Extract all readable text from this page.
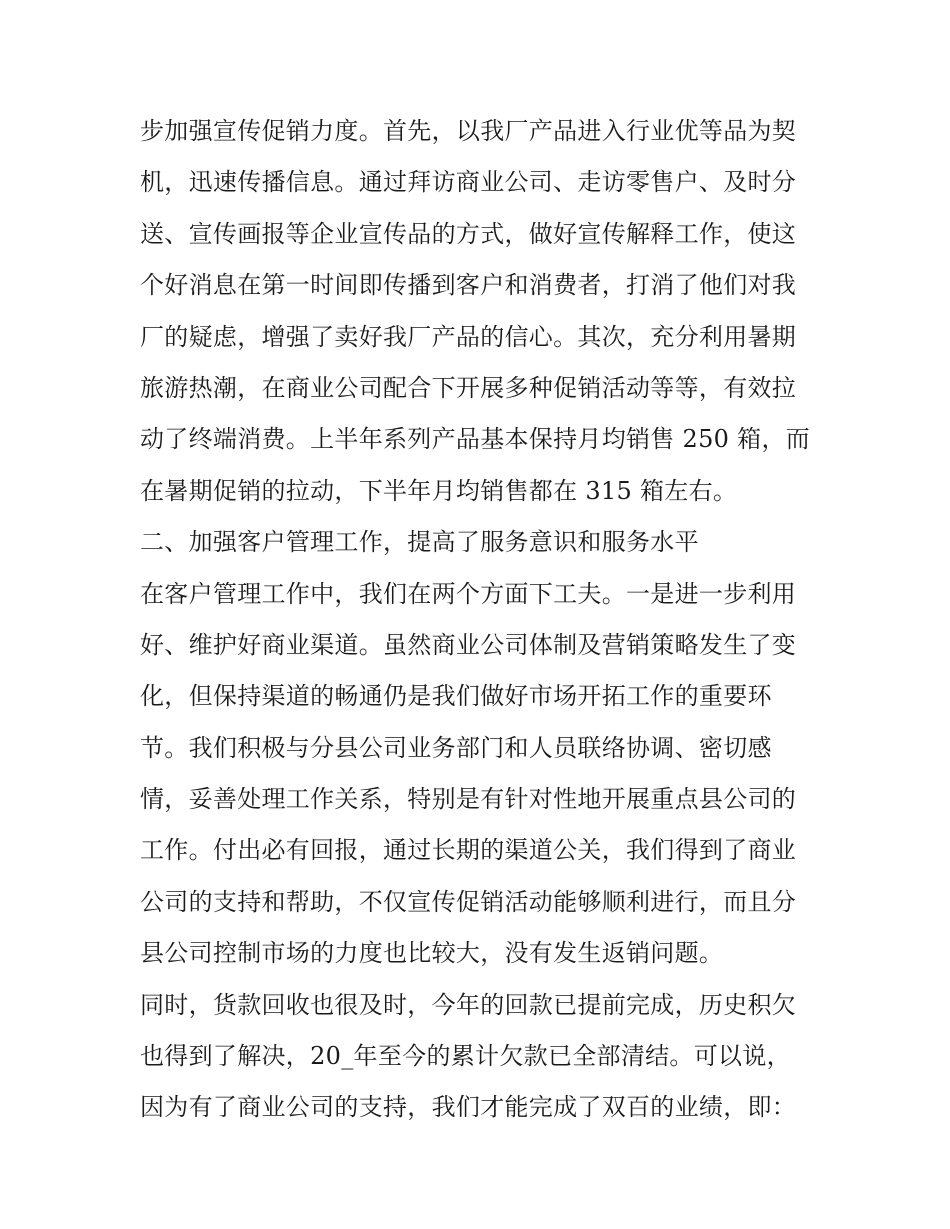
步加强宣传促销力度。首先，以我厂产品进入行业优等品为契
机，迅速传播信息。通过拜访商业公司、走访零售户、及时分
送、宣传画报等企业宣传品的方式，做好宣传解释工作，使这
个好消息在第一时间即传播到客户和消费者，打消了他们对我
厂的疑虑，增强了卖好我厂产品的信心。其次，充分利用暑期
旅游热潮，在商业公司配合下开展多种促销活动等等，有效拉
动了终端消费。上半年系列产品基本保持月均销售 250 箱，而
在暑期促销的拉动，下半年月均销售都在 315 箱左右。
二、加强客户管理工作，提高了服务意识和服务水平
在客户管理工作中，我们在两个方面下工夫。一是进一步利用
好、维护好商业渠道。虽然商业公司体制及营销策略发生了变
化，但保持渠道的畅通仍是我们做好市场开拓工作的重要环
节。我们积极与分县公司业务部门和人员联络协调、密切感
情，妥善处理工作关系，特别是有针对性地开展重点县公司的
工作。付出必有回报，通过长期的渠道公关，我们得到了商业
公司的支持和帮助，不仅宣传促销活动能够顺利进行，而且分
县公司控制市场的力度也比较大，没有发生返销问题。
同时，货款回收也很及时，今年的回款已提前完成，历史积欠
也得到了解决，20_年至今的累计欠款已全部清结。可以说，
因为有了商业公司的支持，我们才能完成了双百的业绩，即：
